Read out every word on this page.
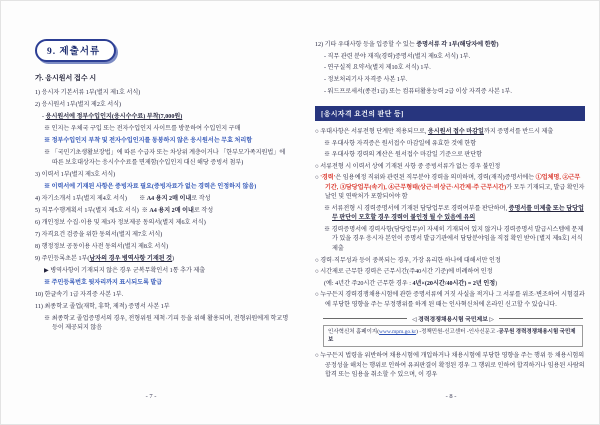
9. 제출서류
가. 응시원서 접수 시
1) 응시자 기본서류 1부(별지 제1호 서식)
2) 응시원서 1부(별지 제2호 서식)
- 응시원서에 정부수입인지(응시수수료) 부착(7,000원)
※ 인지는 우체국 구입 또는 전자수입인지 사이트를 방문하여 수입인지 구매
※ 정부수입인지 부착 및 전자수입인지를 동봉하지 않은 응시원서는 무효 처리함
※ 「국민기초생활보장법」에 따른 수급자 또는 차상위 계층이거나 「한부모가족지원법」에 따른 보호대상자는 응시수수료를 면제함(수입인지 대신 해당 증빙서 첨부)
3) 이력서 1부(별지 제3호 서식)
※ 이력서에 기재된 사항은 증빙자료 필요(증빙자료가 없는 경력은 인정하지 않음)
4) 자기소개서 1부(별지 제4호 서식)        ※ A4 용지 2매 이내로 작성
5) 직무수행계획서 1부(별지 제5호 서식)  ※ A4 용지 2매 이내로 작성
6) 개인정보 수집·이용 및 제3자 정보제공 동의서(별지 제6호 서식)
7) 자격요건 검증을 위한 동의서(별지 제7호 서식)
8) 행정정보 공동이용 사전 동의서(별지 제8호 서식)
9) 주민등록초본 1부(남자의 경우 병역사항 기재된 것)
▶ 병역사항이 기재되지 않은 경우 군복무확인서 1통 추가 제출
※ 주민등록번호 뒷자리까지 표시되도록 발급
10) 한글속기 1급 자격증 사본 1부.
11) 최종학교 졸업(재학, 휴학, 제적) 증명서 사본 1부
※ 최종학교 졸업증명서의 경우, 전형위원 제척·기피 등을 위해 활용되며, 전형위원에게 학교명 등이 제공되지 않음
- 7 -
12) 기타 우대사항 등을 입증할 수 있는 증명서류 각 1부(해당자에 한함)
- 직무 관련 분야 재직(경력)증명서(별지 제9호 서식) 1부.
- 연구실적 요약서(별지 제10호 서식) 1부.
- 정보처리기사 자격증 사본 1부.
- 워드프로세서(종전1급) 또는 컴퓨터활용능력 2급 이상 자격증 사본 1부.
[응시자격 요건의 판단 등]
○ 우대사항은 서류전형 단계만 적용되므로, 응시원서 접수 마감일까지 증명서를 반드시 제출
※ 우대사항 자격증은 원서접수 마감일에 유효한 것에 한함
※ 우대사항 경력의 계산은 원서접수 마감일 기준으로 판단함
○ 서류전형 시 이력서 상에 기재된 사항 중 증빙서류가 없는 경우 불인정
○ '경력'은 임용예정 직위와 관련된 직무분야 경력을 의미하며, 경력(재직)증명서에는 ①업체명, ②근무기간, ③담당업무(속기), ④근무형태(상근·비상근·시간제·주 근무시간)가 모두 기재되고, 발급 확인자 날인 및 연락처가 포함되어야 함
※ 서류전형 시 경력증명서에 기재된 담당업무로 경력여부를 판단하며, 증명서를 미제출 또는 담당업무 판단이 모호할 경우 경력이 불인정 될 수 있음에 유의
※ 경력증명서에 경력사항(담당업무)이 자세히 기재되어 있지 않거나 경력증명서 발급시스템에 문제가 있을 경우 응시자 본인이 증명서 발급기관에서 담당분야임을 직접 확인 받아 [별지 제9호] 서식 제출
○ 경력·직무성과 등이 중복되는 경우, 가장 유리한 하나에 대해서만 인정
○ 시간제로 근무한 경력은 근무시간(주40시간 기준)에 비례하여 인정
(예: 4년간 주20시간 근무한 경우 : 4년×(20시간/40시간) = 2년 인정)
○ 누구든지 경력경쟁채용시험에 관한 증명서류에 거짓 사실을 적거나 그 서류를 위조·변조하여 시험결과에 부당한 영향을 주는 부정행위를 하게 된 때는 인사혁신처에 온라인 신고할 수 있습니다.
◁ 경력경쟁채용시험 국민제보 ▷
인사혁신처 홈페이지(www.mpm.go.kr) -정책민원-신고센터 -인사신문고 -공무원 경력경쟁채용시험 국민제보
○ 누구든지 법령을 위반하여 채용시험에 개입하거나 채용시험에 부당한 영향을 주는 행위 등 채용시험의 공정성을 해치는 행위로 인하여 유죄판결이 확정된 경우 그 행위로 인하여 합격하거나 임용된 사람의 합격 또는 임용을 취소할 수 있으며, 이 경우
- 8 -
